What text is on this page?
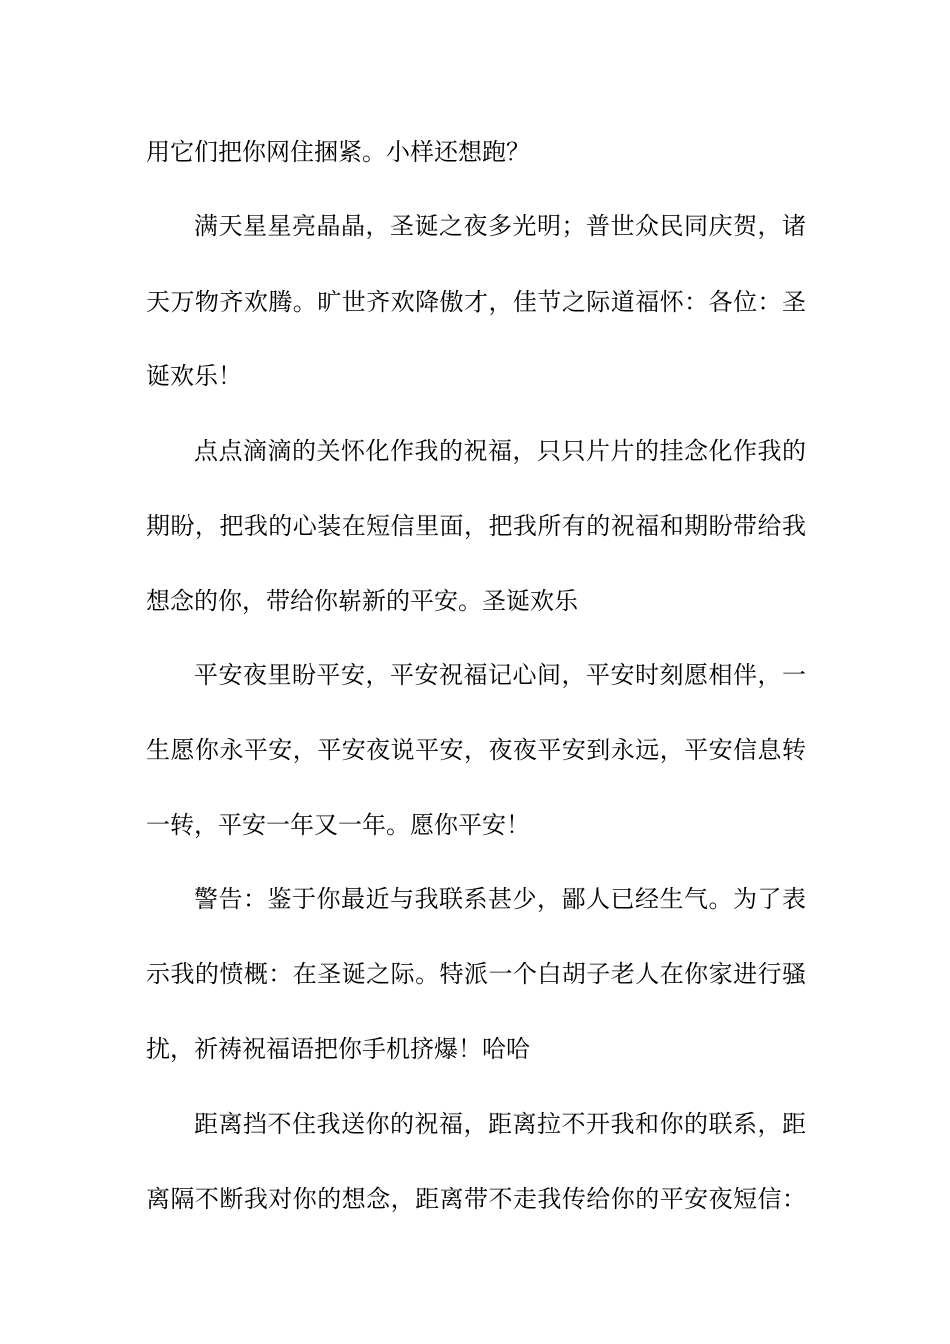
用它们把你网住捆紧。小样还想跑？

满天星星亮晶晶，圣诞之夜多光明；普世众民同庆贺，诸

天万物齐欢腾。旷世齐欢降傲才，佳节之际道福怀：各位：圣

诞欢乐！

点点滴滴的关怀化作我的祝福，只只片片的挂念化作我的

期盼，把我的心装在短信里面，把我所有的祝福和期盼带给我

想念的你，带给你崭新的平安。圣诞欢乐

平安夜里盼平安，平安祝福记心间，平安时刻愿相伴，一

生愿你永平安，平安夜说平安，夜夜平安到永远，平安信息转

一转，平安一年又一年。愿你平安！

警告：鉴于你最近与我联系甚少，鄙人已经生气。为了表

示我的愤概：在圣诞之际。特派一个白胡子老人在你家进行骚

扰，祈祷祝福语把你手机挤爆！哈哈

距离挡不住我送你的祝福，距离拉不开我和你的联系，距

离隔不断我对你的想念，距离带不走我传给你的平安夜短信：
